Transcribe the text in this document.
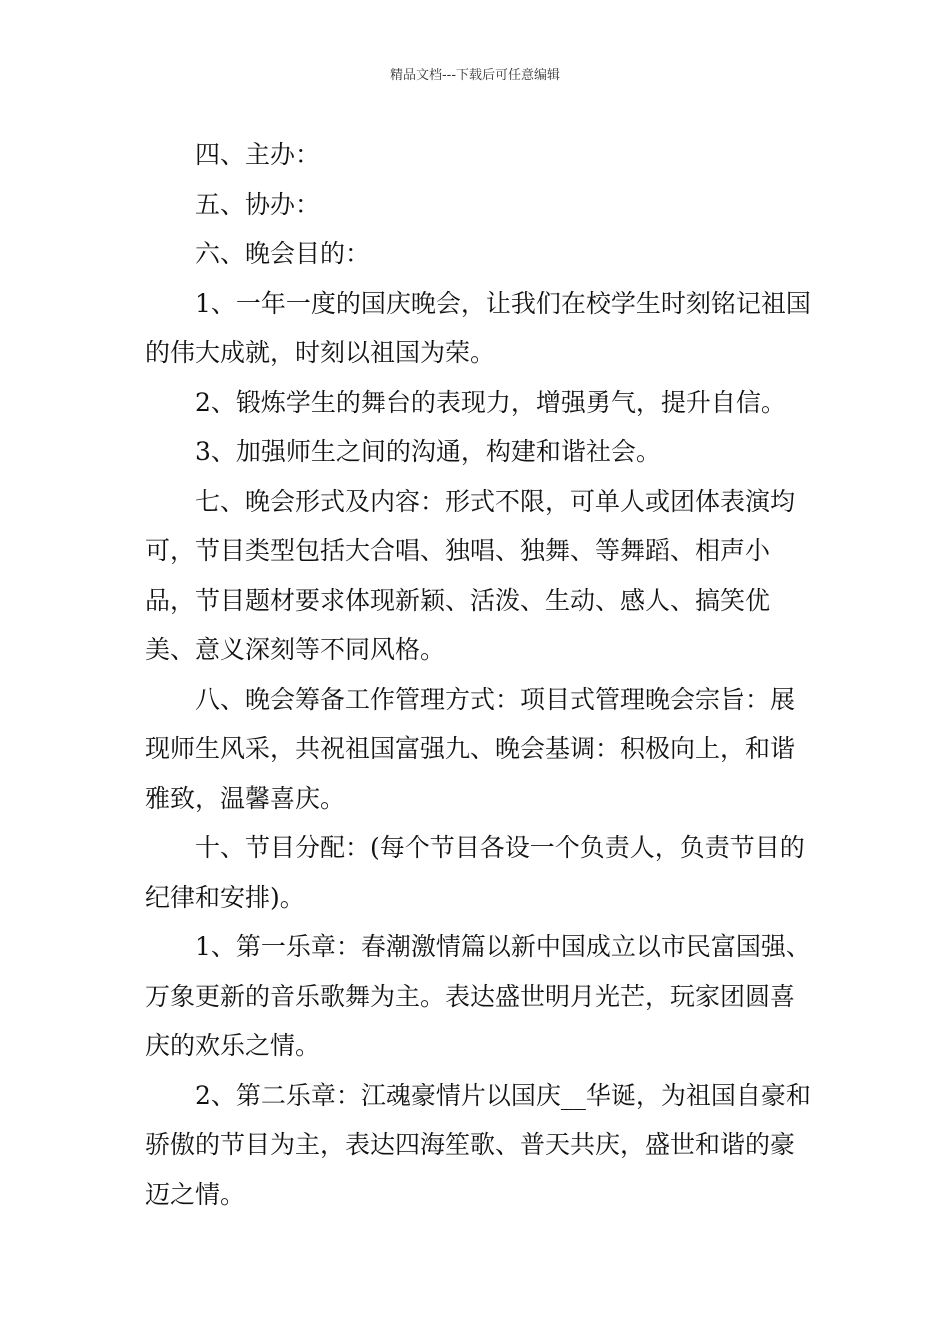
精品文档---下载后可任意编辑

四、主办：

五、协办：

六、晚会目的：

1、一年一度的国庆晚会，让我们在校学生时刻铭记祖国的伟大成就，时刻以祖国为荣。

2、锻炼学生的舞台的表现力，增强勇气，提升自信。

3、加强师生之间的沟通，构建和谐社会。

七、晚会形式及内容：形式不限，可单人或团体表演均可，节目类型包括大合唱、独唱、独舞、等舞蹈、相声小品，节目题材要求体现新颖、活泼、生动、感人、搞笑优美、意义深刻等不同风格。

八、晚会筹备工作管理方式：项目式管理晚会宗旨：展现师生风采，共祝祖国富强九、晚会基调：积极向上，和谐雅致，温馨喜庆。

十、节目分配：(每个节目各设一个负责人，负责节目的纪律和安排)。

1、第一乐章：春潮激情篇以新中国成立以市民富国强、万象更新的音乐歌舞为主。表达盛世明月光芒，玩家团圆喜庆的欢乐之情。

2、第二乐章：江魂豪情片以国庆__华诞，为祖国自豪和骄傲的节目为主，表达四海笙歌、普天共庆，盛世和谐的豪迈之情。
